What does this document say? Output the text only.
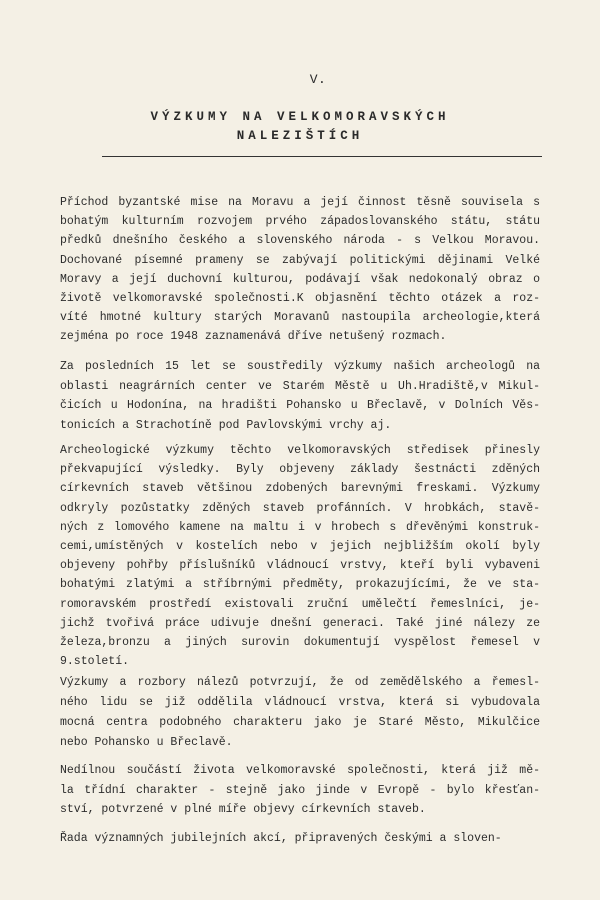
V.
VÝZKUMY NA VELKOMORAVSKÝCH
NALEZIŠTÍCH
Příchod byzantské mise na Moravu a její činnost těsně souvisela s
bohatým kulturním rozvojem prvého západoslovanského státu, státu
předků dnešního českého a slovenského národa - s Velkou Moravou.
Dochované písemné prameny se zabývají politickými dějinami Velké
Moravy a její duchovní kulturou, podávají však nedokonalý obraz o
životě velkomoravské společnosti.K objasnění těchto otázek a roz-
víté hmotné kultury starých Moravanů nastoupila archeologie,která
zejména po roce 1948 zaznamenává dříve netušený rozmach.
Za posledních 15 let se soustředily výzkumy našich archeologů na
oblasti neagrárních center ve Starém Městě u Uh.Hradiště,v Mikul-
čicích u Hodonína, na hradišti Pohansko u Břeclavě, v Dolních Věs-
tonicích a Strachotíně pod Pavlovskými vrchy aj.
Archeologické výzkumy těchto velkomoravských středisek přinesly
překvapující výsledky. Byly objeveny základy šestnácti zděných
církevních staveb většinou zdobených barevnými freskami. Výzkumy
odkryly pozůstatky zděných staveb profánních. V hrobkách, stavě-
ných z lomového kamene na maltu i v hrobech s dřevěnými konstruk-
cemi,umístěných v kostelích nebo v jejich nejbližším okolí byly
objeveny pohřby příslušníků vládnoucí vrstvy, kteří byli vybaveni
bohatými zlatými a stříbrnými předměty, prokazujícími, že ve sta-
romoravském prostředí existovali zruční umělečtí řemeslníci, je-
jichž tvořivá práce udivuje dnešní generaci. Také jiné nálezy ze
železa,bronzu a jiných surovin dokumentují vyspělost řemesel v
9.století.
Výzkumy a rozbory nálezů potvrzují, že od zemědělského a řemesl-
ného lidu se již oddělila vládnoucí vrstva, která si vybudovala
mocná centra podobného charakteru jako je Staré Město, Mikulčice
nebo Pohansko u Břeclavě.
Nedílnou součástí života velkomoravské společnosti, která již mě-
la třídní charakter - stejně jako jinde v Evropě - bylo křesťan-
ství, potvrzené v plné míře objevy církevních staveb.
Řada významných jubilejních akcí, připravených českými a sloven-
